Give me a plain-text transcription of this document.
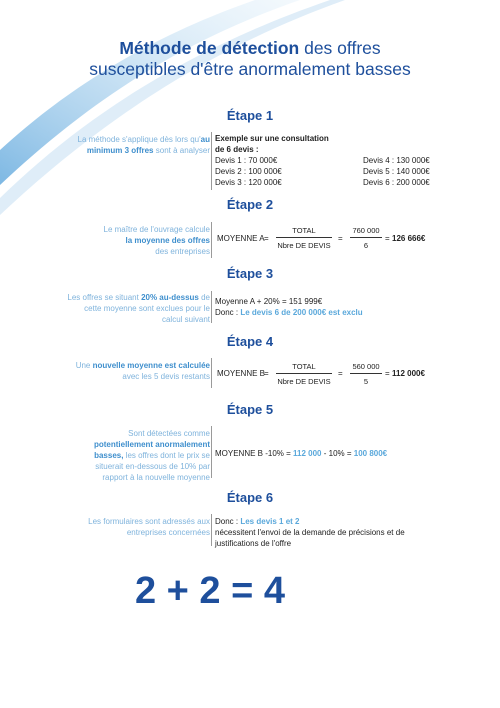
Méthode de détection des offres
susceptibles d'être anormalement basses
Étape 1
La méthode s'applique dès lors qu'au minimum 3 offres sont à analyser
Exemple sur une consultation de 6 devis :
Devis 1 : 70 000€
Devis 2 : 100 000€
Devis 3 : 120 000€
Devis 4 : 130 000€
Devis 5 : 140 000€
Devis 6 : 200 000€
Étape 2
Le maître de l'ouvrage calcule
la moyenne des offres
des entreprises
MOYENNE A =
TOTAL
Nbre DE DEVIS
= $\frac{760 000}{6} = 126$ 666€
Étape 3
Les offres se situant 20% au-dessus de cette moyenne sont exclues pour le calcul suivant
Moyenne A + 20% = 151 999€
Donc : Le devis 6 de 200 000€ est exclu
Étape 4
Une nouvelle moyenne est calculée avec les 5 devis restants MOYENNE B
=
TOTAL
Nbre DE DEVIS
= $\frac{560 000}{5} = 112$ 000€
Étape 5
Sont détectées comme
potentiellement anormalement basses, les offres dont le prix se situerait en-dessous de 10% par rapport à la nouvelle moyenne
MOYENNE B -10% = 112 000 - 10% = 100 800€
Étape 6
Les formulaires sont adressés aux entreprises concernées
Donc : Les devis 1 et 2
nécessitent l'envoi de la demande de précisions et de justifications de l'offre
2 + 2 = 4
